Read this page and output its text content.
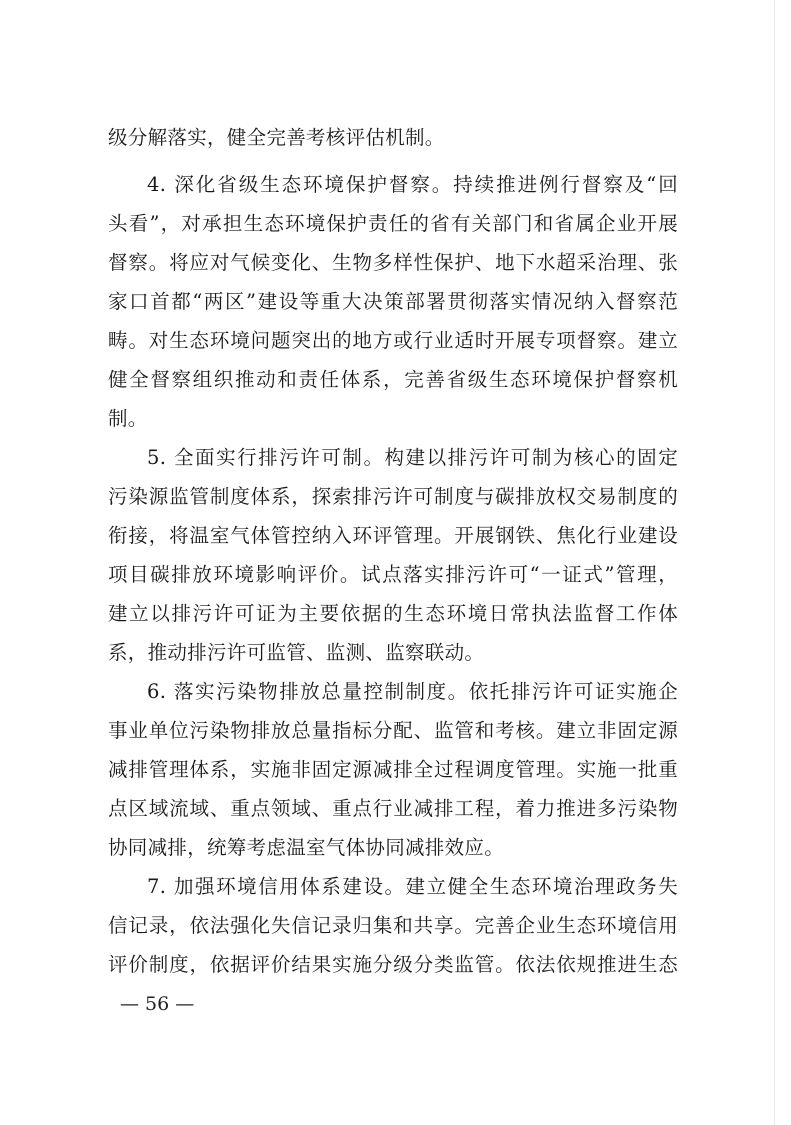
级分解落实，健全完善考核评估机制。
4. 深化省级生态环境保护督察。持续推进例行督察及“回
头看”，对承担生态环境保护责任的省有关部门和省属企业开展
督察。将应对气候变化、生物多样性保护、地下水超采治理、张
家口首都“两区”建设等重大决策部署贯彻落实情况纳入督察范
畴。对生态环境问题突出的地方或行业适时开展专项督察。建立
健全督察组织推动和责任体系，完善省级生态环境保护督察机
制。
5. 全面实行排污许可制。构建以排污许可制为核心的固定
污染源监管制度体系，探索排污许可制度与碳排放权交易制度的
衔接，将温室气体管控纳入环评管理。开展钢铁、焦化行业建设
项目碳排放环境影响评价。试点落实排污许可“一证式”管理，
建立以排污许可证为主要依据的生态环境日常执法监督工作体
系，推动排污许可监管、监测、监察联动。
6. 落实污染物排放总量控制制度。依托排污许可证实施企
事业单位污染物排放总量指标分配、监管和考核。建立非固定源
减排管理体系，实施非固定源减排全过程调度管理。实施一批重
点区域流域、重点领域、重点行业减排工程，着力推进多污染物
协同减排，统筹考虑温室气体协同减排效应。
7. 加强环境信用体系建设。建立健全生态环境治理政务失
信记录，依法强化失信记录归集和共享。完善企业生态环境信用
评价制度，依据评价结果实施分级分类监管。依法依规推进生态
— 56 —
